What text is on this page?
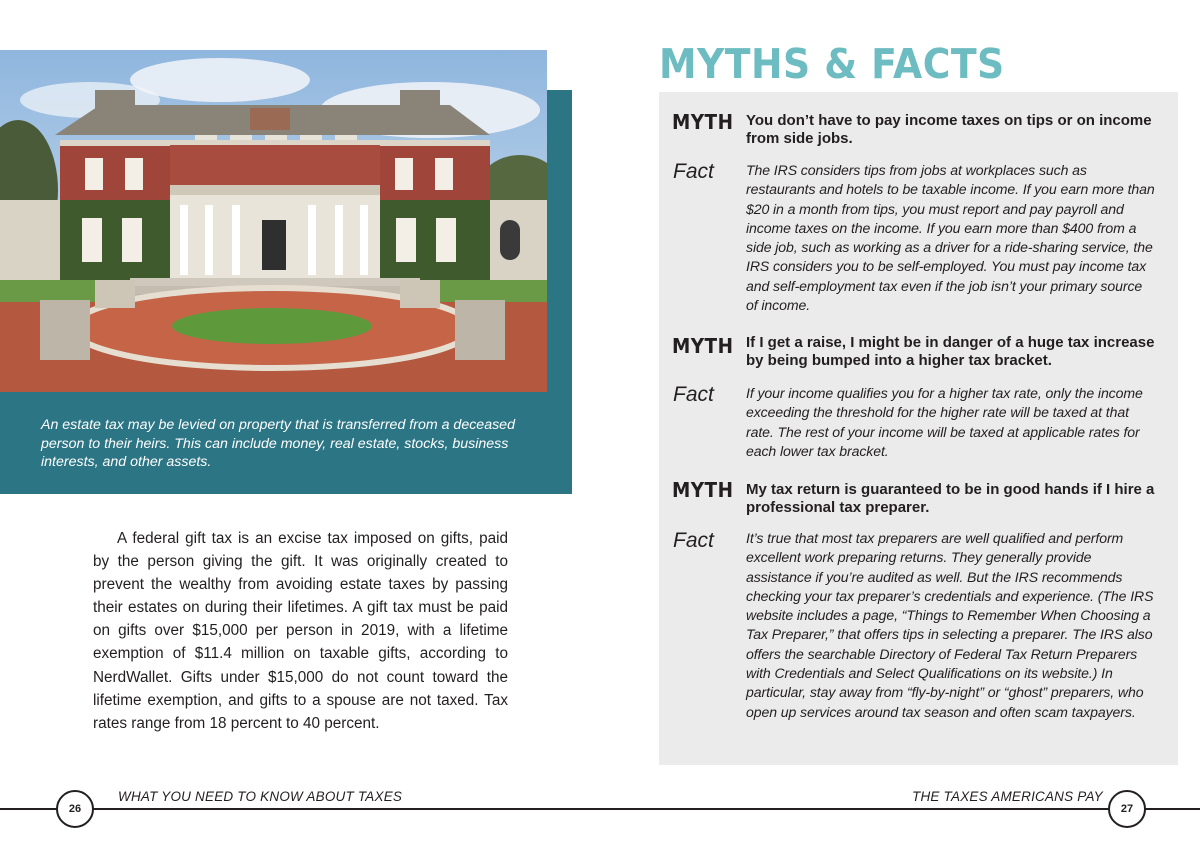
An estate tax may be levied on property that is transferred from a deceased person to their heirs. This can include money, real estate, stocks, business interests, and other assets.

A federal gift tax is an excise tax imposed on gifts, paid by the person giving the gift. It was originally created to prevent the wealthy from avoiding estate taxes by passing their estates on during their lifetimes. A gift tax must be paid on gifts over $15,000 per person in 2019, with a lifetime exemption of $11.4 million on taxable gifts, according to NerdWallet. Gifts under $15,000 do not count toward the lifetime exemption, and gifts to a spouse are not taxed. Tax rates range from 18 percent to 40 percent.

MYTHS & FACTS
MYTH You don’t have to pay income taxes on tips or on income from side jobs.
Fact The IRS considers tips from jobs at workplaces such as restaurants and hotels to be taxable income. If you earn more than $20 in a month from tips, you must report and pay payroll and income taxes on the income. If you earn more than $400 from a side job, such as working as a driver for a ride-sharing service, the IRS considers you to be self-employed. You must pay income tax and self-employment tax even if the job isn’t your primary source of income.
MYTH If I get a raise, I might be in danger of a huge tax increase by being bumped into a higher tax bracket.
Fact If your income qualifies you for a higher tax rate, only the income exceeding the threshold for the higher rate will be taxed at that rate. The rest of your income will be taxed at applicable rates for each lower tax bracket.
MYTH My tax return is guaranteed to be in good hands if I hire a professional tax preparer.
Fact It’s true that most tax preparers are well qualified and perform excellent work preparing returns. They generally provide assistance if you’re audited as well. But the IRS recommends checking your tax preparer’s credentials and experience. (The IRS website includes a page, “Things to Remember When Choosing a Tax Preparer,” that offers tips in selecting a preparer. The IRS also offers the searchable Directory of Federal Tax Return Preparers with Credentials and Select Qualifications on its website.) In particular, stay away from “fly-by-night” or “ghost” preparers, who open up services around tax season and often scam taxpayers.
WHAT YOU NEED TO KNOW ABOUT TAXES	THE TAXES AMERICANS PAY
26	27
